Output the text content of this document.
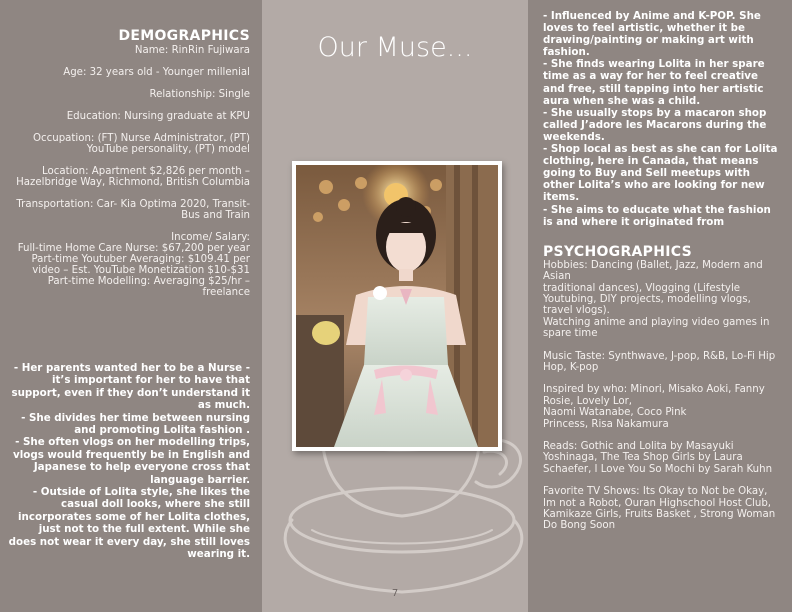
DEMOGRAPHICS

Name: RinRin Fujiwara

Age: 32 years old - Younger millenial

Relationship: Single

Education: Nursing graduate at KPU

Occupation: (FT) Nurse Administrator, (PT) YouTube personality, (PT) model

Location: Apartment $2,826 per month – Hazelbridge Way, Richmond, British Columbia

Transportation: Car- Kia Optima 2020, Transit- Bus and Train

Income/ Salary:

Full-time Home Care Nurse: $67,200 per year

Part-time Youtuber Averaging: $109.41 per video – Est. YouTube Monetization $10-$31

Part-time Modelling: Averaging $25/hr – freelance

- Her parents wanted her to be a Nurse - it’s important for her to have that support, even if they don’t understand it as much.

- She divides her time between nursing and promoting Lolita fashion .

- She often vlogs on her modelling trips, vlogs would frequently be in English and Japanese to help everyone cross that language barrier.

- Outside of Lolita style, she likes the casual doll looks, where she still incorporates some of her Lolita clothes, just not to the full extent. While she does not wear it every day, she still loves wearing it.

Our Muse...
7

- Influenced by Anime and K-POP. She loves to feel artistic, whether it be drawing/painting or making art with fashion.

- She finds wearing Lolita in her spare time as a way for her to feel creative and free, still tapping into her artistic aura when she was a child.

- She usually stops by a macaron shop called J’adore les Macarons during the weekends.

- Shop local as best as she can for Lolita clothing, here in Canada, that means going to Buy and Sell meetups with other Lolita’s who are looking for new items.

- She aims to educate what the fashion is and where it originated from

PSYCHOGRAPHICS

Hobbies: Dancing (Ballet, Jazz, Modern and Asian

traditional dances), Vlogging (Lifestyle Youtubing, DIY projects, modelling vlogs, travel vlogs).

Watching anime and playing video games in spare time

Music Taste: Synthwave, J-pop, R&B, Lo-Fi Hip Hop, K-pop

Inspired by who: Minori, Misako Aoki, Fanny Rosie, Lovely Lor,

Naomi Watanabe, Coco Pink

Princess, Risa Nakamura

Reads: Gothic and Lolita by Masayuki Yoshinaga, The Tea Shop Girls by Laura Schaefer, I Love You So Mochi by Sarah Kuhn

Favorite TV Shows: Its Okay to Not be Okay, Im not a Robot, Ouran Highschool Host Club, Kamikaze Girls, Fruits Basket , Strong Woman Do Bong Soon
